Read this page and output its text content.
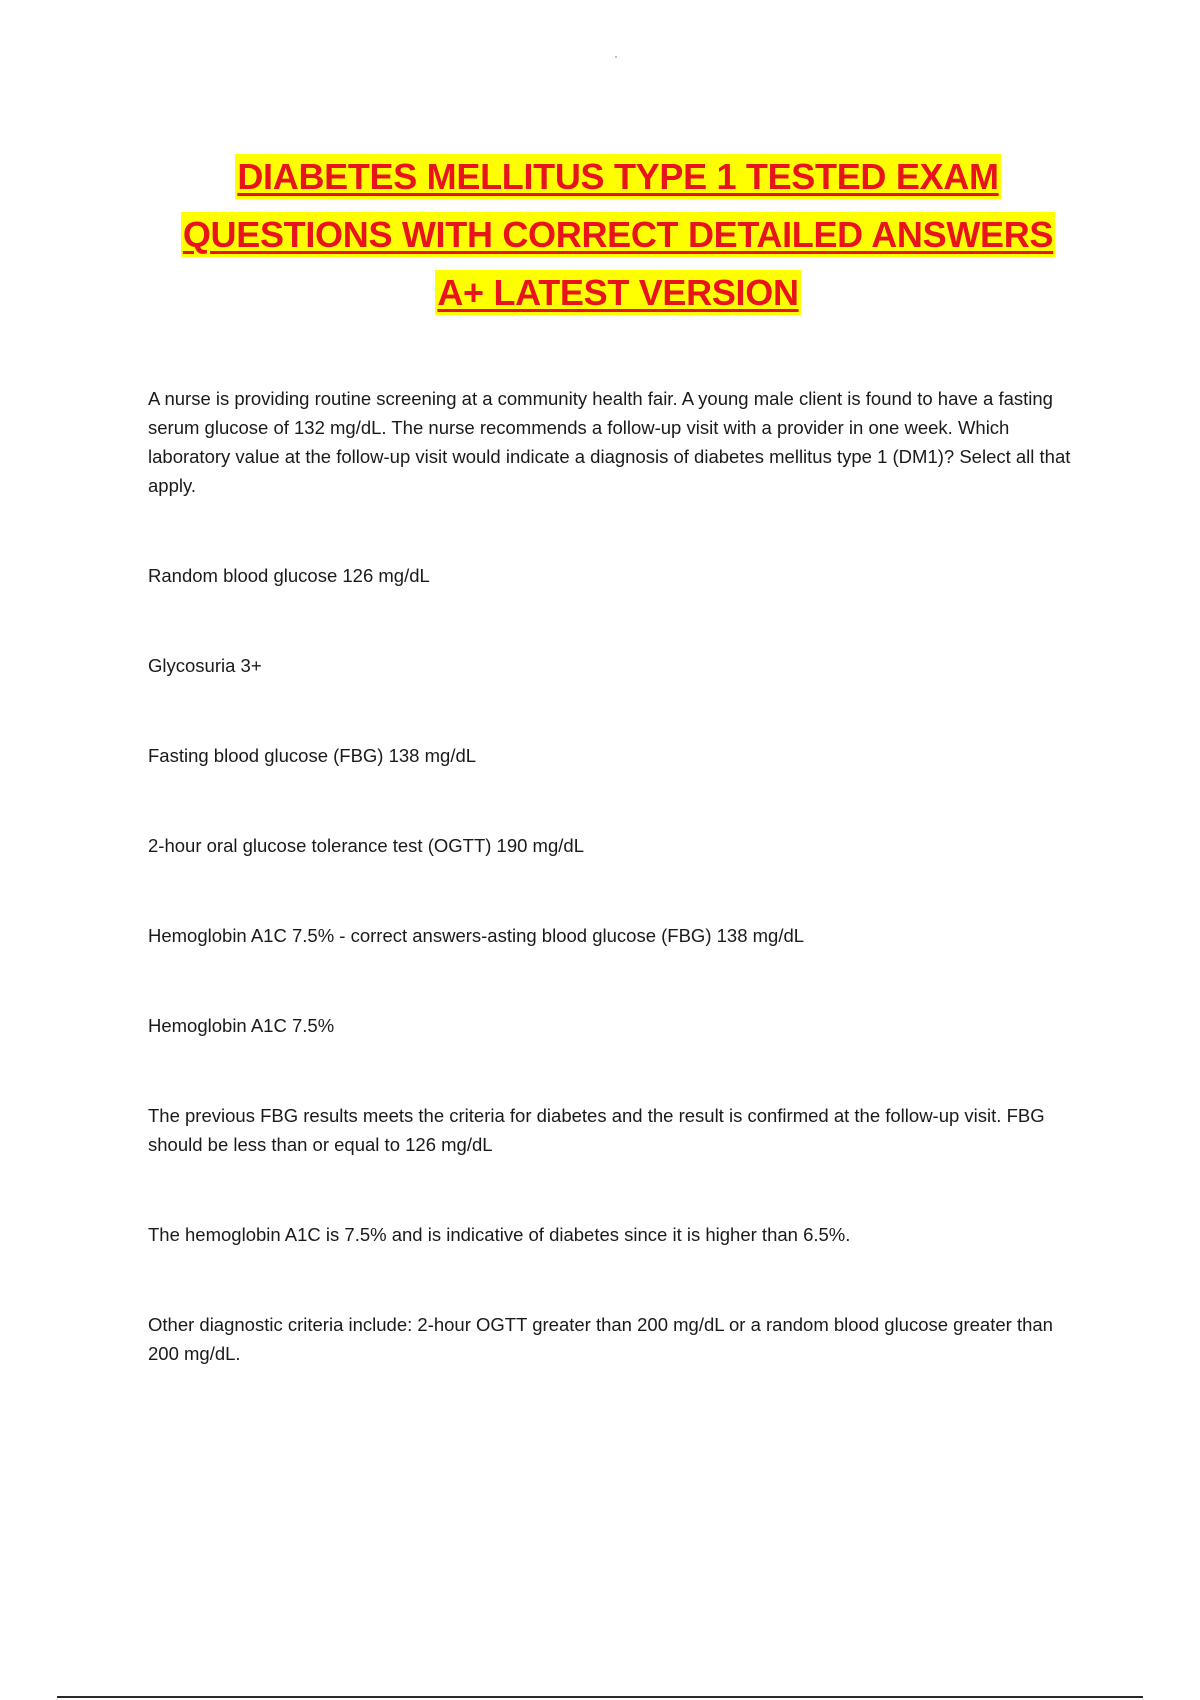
DIABETES MELLITUS TYPE 1 TESTED EXAM
QUESTIONS WITH CORRECT DETAILED ANSWERS
A+ LATEST VERSION

A nurse is providing routine screening at a community health fair. A young male client is found to have a fasting serum glucose of 132 mg/dL. The nurse recommends a follow-up visit with a provider in one week. Which laboratory value at the follow-up visit would indicate a diagnosis of diabetes mellitus type 1 (DM1)? Select all that apply.

Random blood glucose 126 mg/dL

Glycosuria 3+

Fasting blood glucose (FBG) 138 mg/dL

2-hour oral glucose tolerance test (OGTT) 190 mg/dL

Hemoglobin A1C 7.5% - correct answers-asting blood glucose (FBG) 138 mg/dL

Hemoglobin A1C 7.5%

The previous FBG results meets the criteria for diabetes and the result is confirmed at the follow-up visit. FBG should be less than or equal to 126 mg/dL

The hemoglobin A1C is 7.5% and is indicative of diabetes since it is higher than 6.5%.

Other diagnostic criteria include: 2-hour OGTT greater than 200 mg/dL or a random blood glucose greater than 200 mg/dL.
